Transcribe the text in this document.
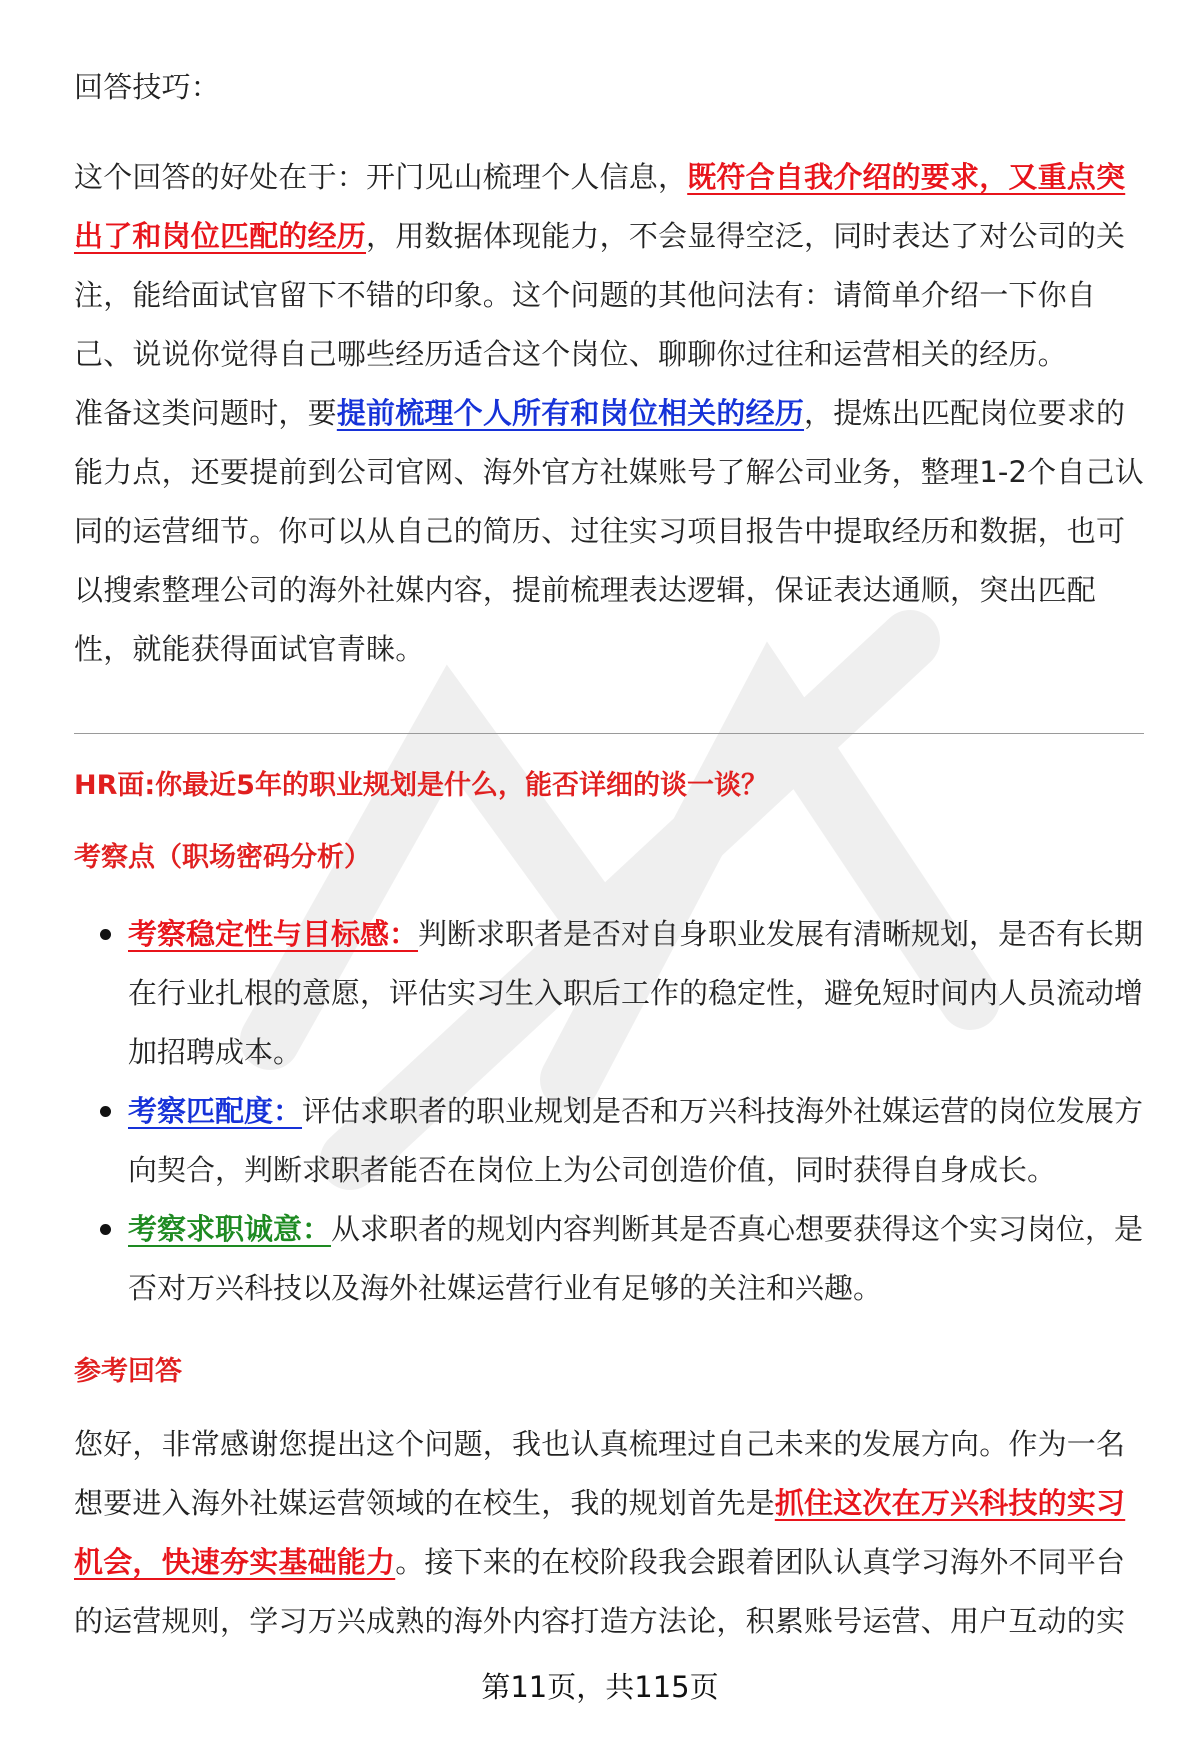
回答技巧：

这个回答的好处在于：开门见山梳理个人信息，既符合自我介绍的要求，又重点突出了和岗位匹配的经历，用数据体现能力，不会显得空泛，同时表达了对公司的关注，能给面试官留下不错的印象。这个问题的其他问法有：请简单介绍一下你自己、说说你觉得自己哪些经历适合这个岗位、聊聊你过往和运营相关的经历。

准备这类问题时，要提前梳理个人所有和岗位相关的经历，提炼出匹配岗位要求的能力点，还要提前到公司官网、海外官方社媒账号了解公司业务，整理1-2个自己认同的运营细节。你可以从自己的简历、过往实习项目报告中提取经历和数据，也可以搜索整理公司的海外社媒内容，提前梳理表达逻辑，保证表达通顺，突出匹配性，就能获得面试官青睐。

HR面:你最近5年的职业规划是什么，能否详细的谈一谈？

考察点（职场密码分析）

考察稳定性与目标感：判断求职者是否对自身职业发展有清晰规划，是否有长期在行业扎根的意愿，评估实习生入职后工作的稳定性，避免短时间内人员流动增加招聘成本。
考察匹配度：评估求职者的职业规划是否和万兴科技海外社媒运营的岗位发展方向契合，判断求职者能否在岗位上为公司创造价值，同时获得自身成长。
考察求职诚意：从求职者的规划内容判断其是否真心想要获得这个实习岗位，是否对万兴科技以及海外社媒运营行业有足够的关注和兴趣。

参考回答

您好，非常感谢您提出这个问题，我也认真梳理过自己未来的发展方向。作为一名想要进入海外社媒运营领域的在校生，我的规划首先是抓住这次在万兴科技的实习机会，快速夯实基础能力。接下来的在校阶段我会跟着团队认真学习海外不同平台的运营规则，学习万兴成熟的海外内容打造方法论，积累账号运营、用户互动的实

第11页，共115页
